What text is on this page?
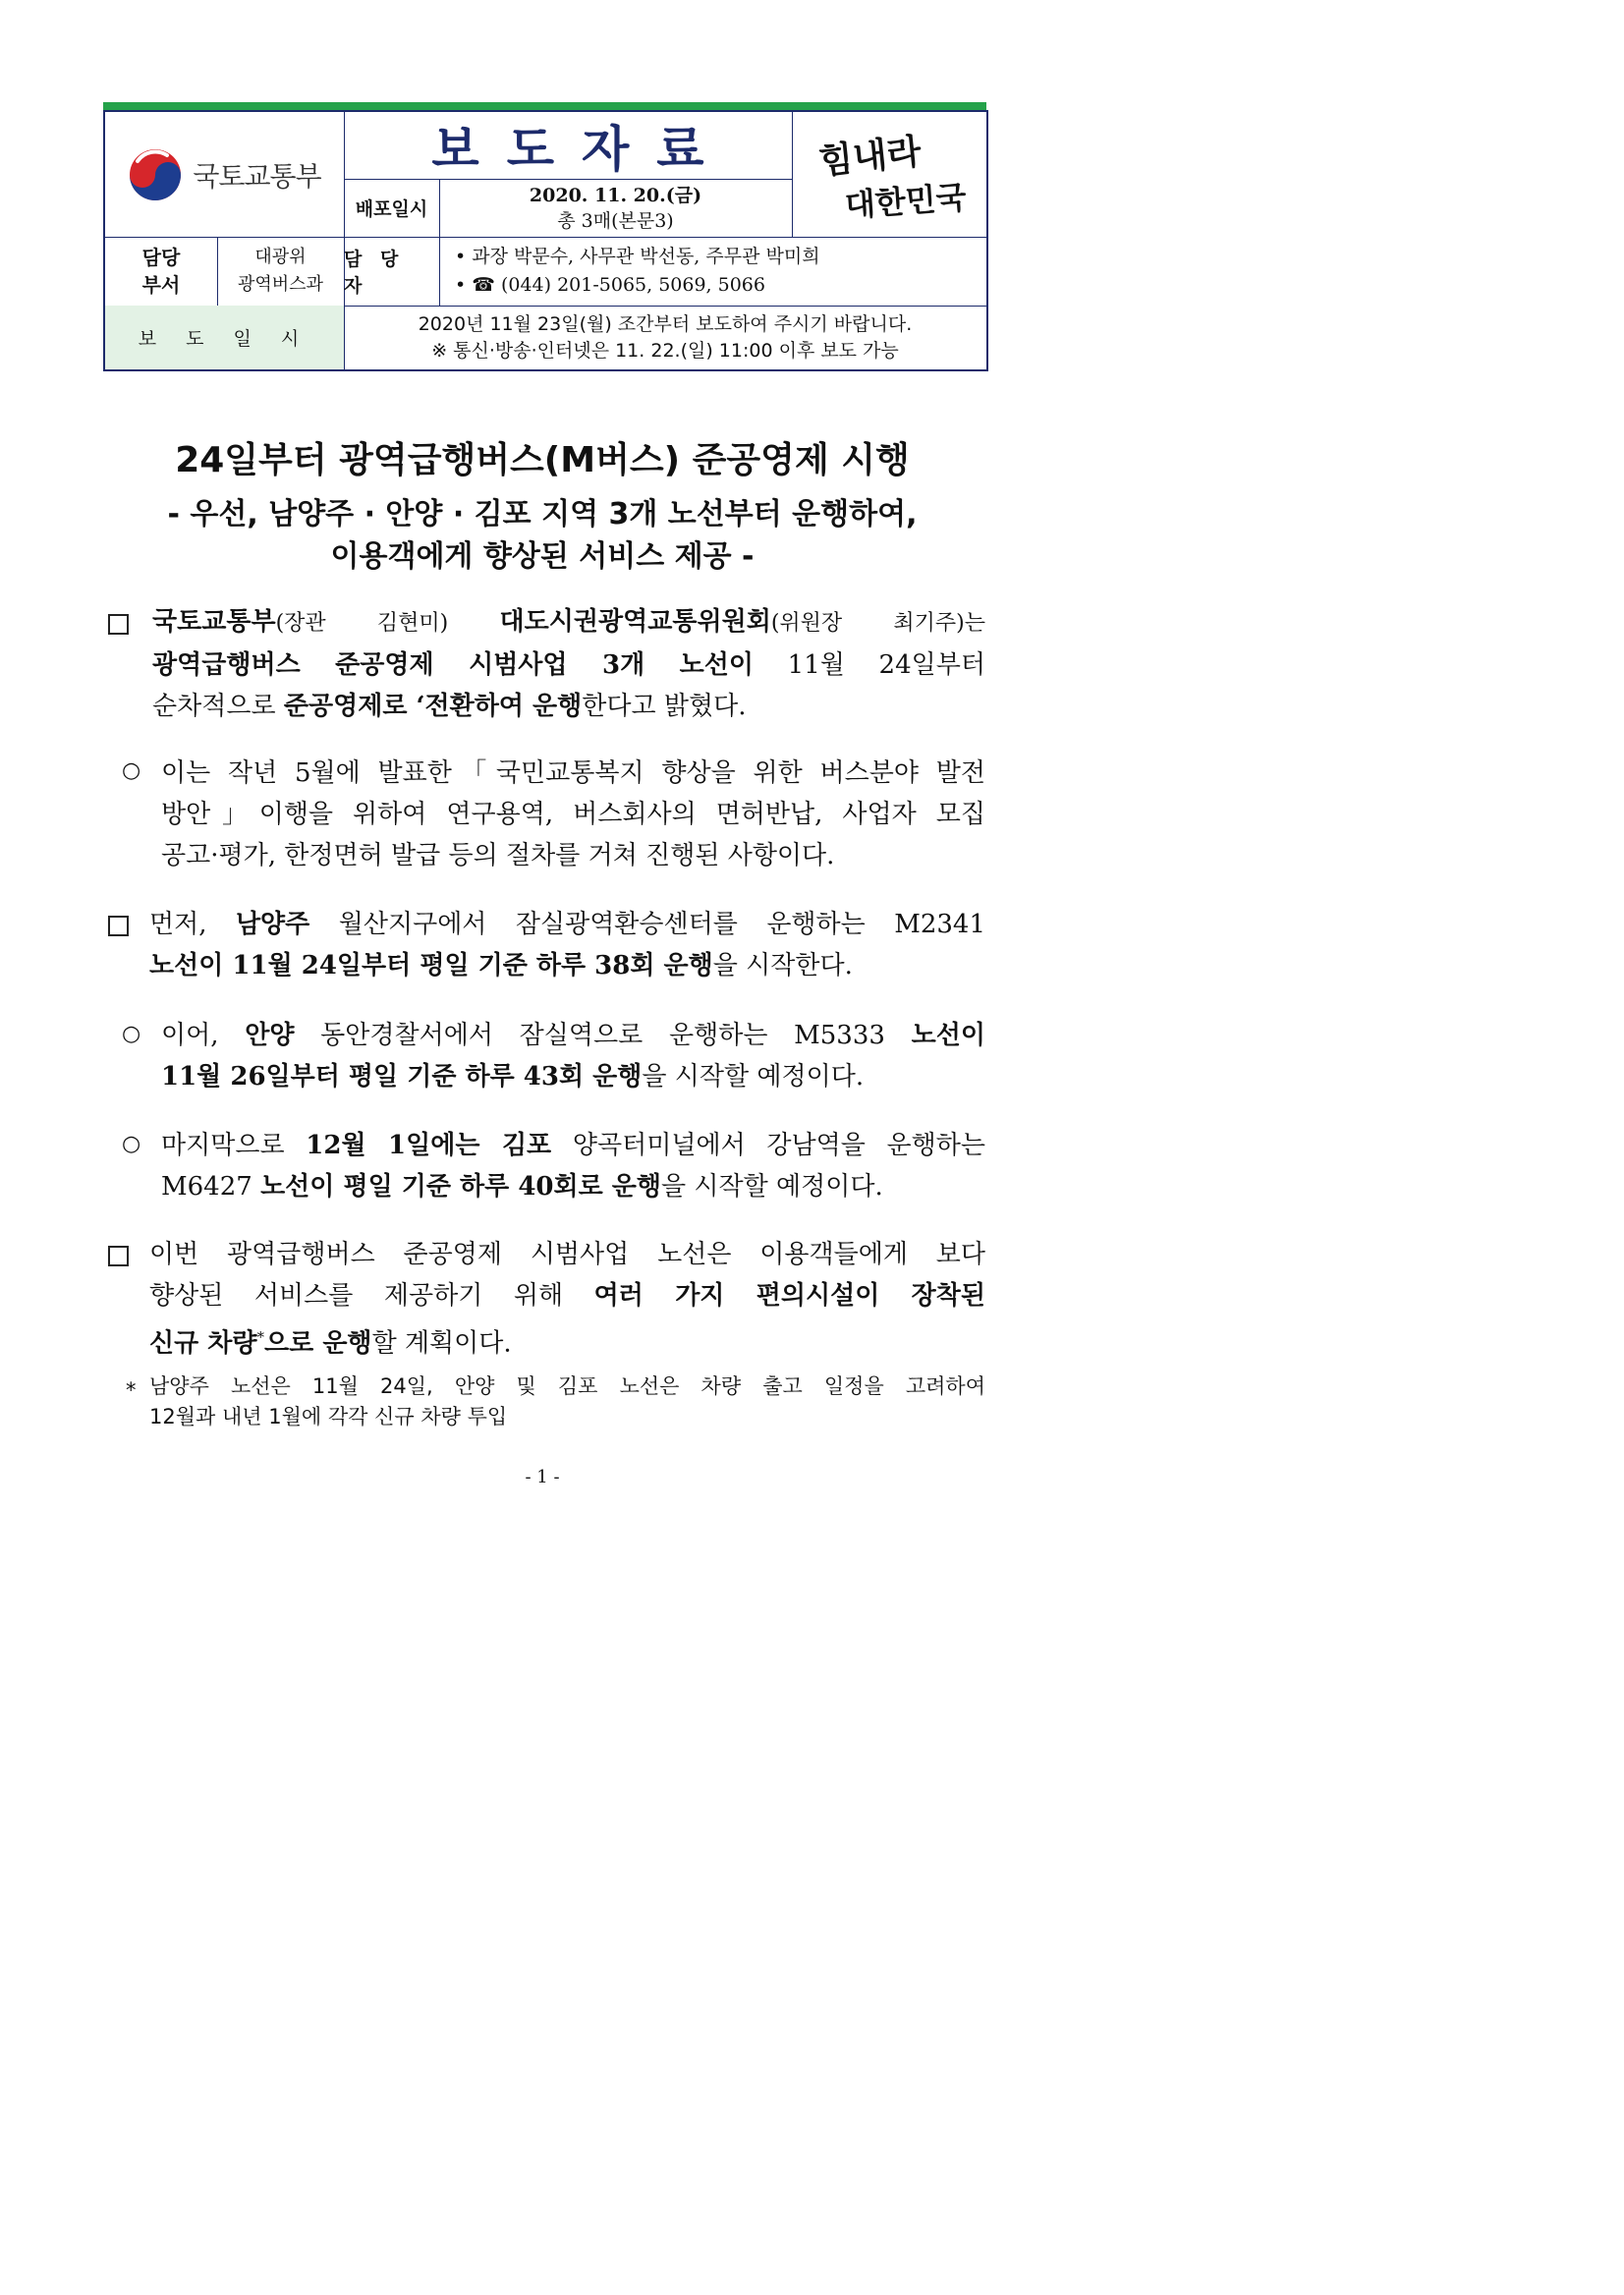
국토교통부	보도자료
배포일시
2020. 11. 20.(금)
총 3매(본문3)
힘내라
대한민국
담당
부서
대광위
광역버스과
담 당 자
• 과장 박문수, 사무관 박선동, 주무관 박미희
• ☎ (044) 201-5065, 5069, 5066
보 도 일 시
2020년 11월 23일(월) 조간부터 보도하여 주시기 바랍니다.
※ 통신·방송·인터넷은 11. 22.(일) 11:00 이후 보도 가능
24일부터 광역급행버스(M버스) 준공영제 시행
- 우선, 남양주 · 안양 · 김포 지역 3개 노선부터 운행하여,
이용객에게 향상된 서비스 제공 -
국토교통부(장관 김현미) 대도시권광역교통위원회(위원장 최기주)는
광역급행버스 준공영제 시범사업 3개 노선이 11월 24일부터
순차적으로 준공영제로 ‘전환하여 운행한다고 밝혔다.
○ 이는 작년 5월에 발표한「국민교통복지 향상을 위한 버스분야 발전
방안」이행을 위하여 연구용역, 버스회사의 면허반납, 사업자 모집
공고·평가, 한정면허 발급 등의 절차를 거쳐 진행된 사항이다.
먼저, 남양주 월산지구에서 잠실광역환승센터를 운행하는 M2341
노선이 11월 24일부터 평일 기준 하루 38회 운행을 시작한다.
○ 이어, 안양 동안경찰서에서 잠실역으로 운행하는 M5333 노선이
11월 26일부터 평일 기준 하루 43회 운행을 시작할 예정이다.
○ 마지막으로 12월 1일에는 김포 양곡터미널에서 강남역을 운행하는
M6427 노선이 평일 기준 하루 40회로 운행을 시작할 예정이다.
이번 광역급행버스 준공영제 시범사업 노선은 이용객들에게 보다
향상된 서비스를 제공하기 위해 여러 가지 편의시설이 장착된
신규 차량*으로 운행할 계획이다.
* 남양주 노선은 11월 24일, 안양 및 김포 노선은 차량 출고 일정을 고려하여
12월과 내년 1월에 각각 신규 차량 투입
- 1 -
